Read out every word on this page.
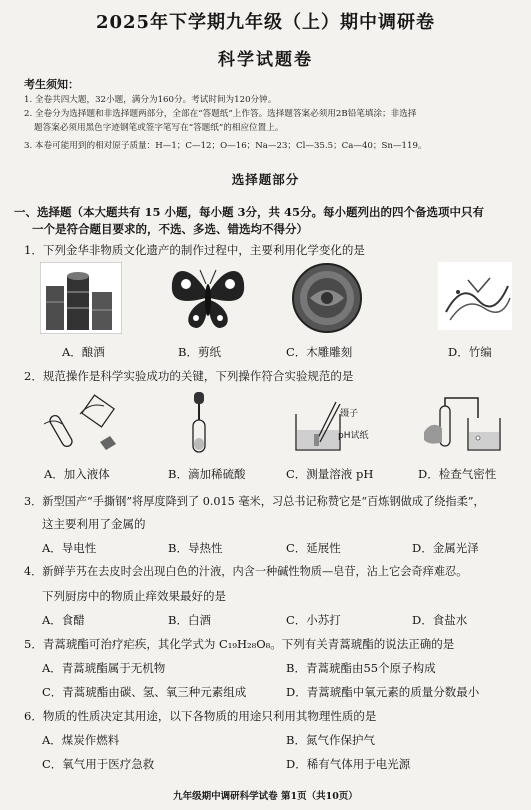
2025年下学期九年级（上）期中调研卷
科学试题卷
考生须知：
1. 全卷共四大题，32小题，满分为160分。考试时间为120分钟。
2. 全卷分为选择题和非选择题两部分，全部在“答题纸”上作答。选择题答案必须用2B铅笔填涂；非选择
题答案必须用黑色字迹钢笔或签字笔写在“答题纸”的相应位置上。
3. 本卷可能用到的相对原子质量：H—1；C—12；O—16；Na—23；Cl—35.5；Ca—40；Sn—119。
选择题部分
一、选择题（本大题共有 15 小题，每小题 3分，共 45分。每小题列出的四个备选项中只有
一个是符合题目要求的，不选、多选、错选均不得分）
1．下列金华非物质文化遗产的制作过程中，主要利用化学变化的是
A．酿酒	B．剪纸	C．木雕雕刻	D．竹编
2．规范操作是科学实验成功的关键，下列操作符合实验规范的是
镊子
pH试纸
A．加入液体	B．滴加稀硫酸	C．测量溶液 pH	D．检查气密性
3．新型国产“手撕钢”将厚度降到了 0.015 毫米，习总书记称赞它是“百炼钢做成了绕指柔”，
这主要利用了金属的
A．导电性	B．导热性	C．延展性	D．金属光泽
4．新鲜芋艿在去皮时会出现白色的汁液，内含一种碱性物质—皂苷，沾上它会奇痒难忍。
下列厨房中的物质止痒效果最好的是
A．食醋	B．白酒	C．小苏打	D．食盐水
5．青蒿琥酯可治疗疟疾，其化学式为 C₁₉H₂₈O₈。下列有关青蒿琥酯的说法正确的是
A．青蒿琥酯属于无机物	B．青蒿琥酯由55个原子构成
C．青蒿琥酯由碳、氢、氧三种元素组成	D．青蒿琥酯中氧元素的质量分数最小
6．物质的性质决定其用途，以下各物质的用途只利用其物理性质的是
A．煤炭作燃料	B．氮气作保护气
C．氧气用于医疗急救	D．稀有气体用于电光源
九年级期中调研科学试卷 第1页（共10页）
